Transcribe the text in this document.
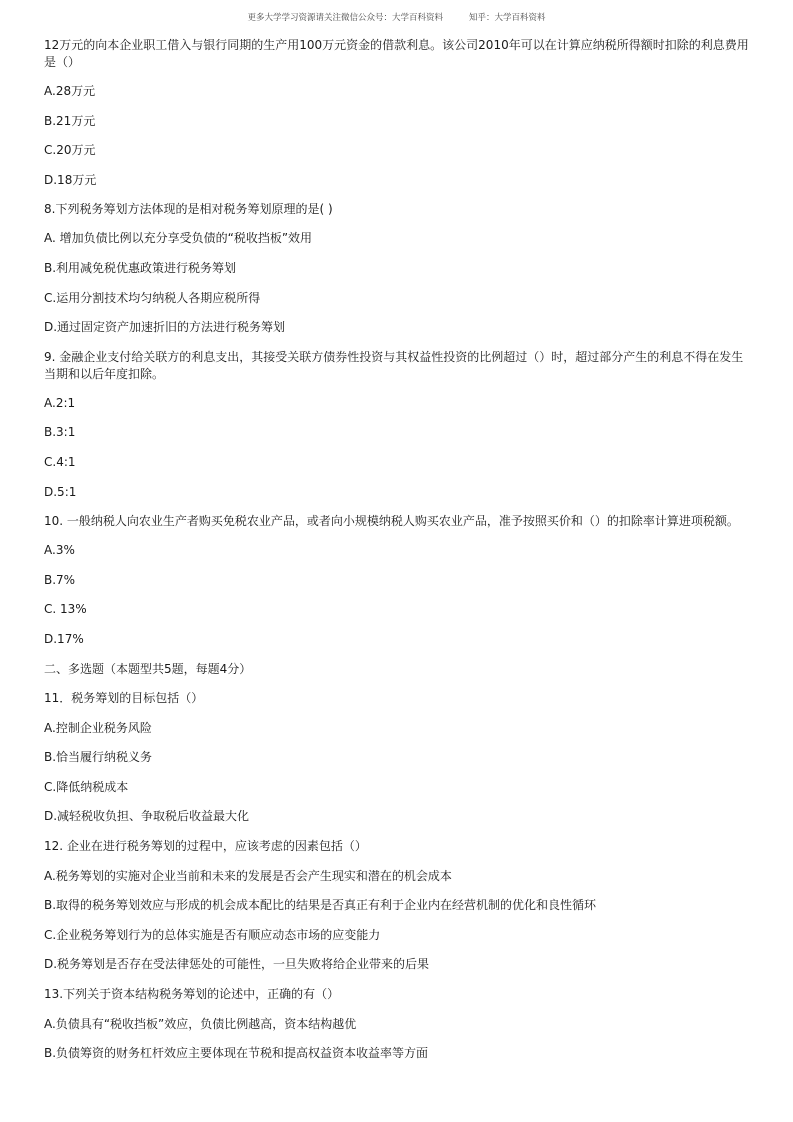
更多大学学习资源请关注微信公众号：大学百科资料	知乎：大学百科资料

12万元的向本企业职工借入与银行同期的生产用100万元资金的借款利息。该公司2010年可以在计算应纳税所得额时扣除的利息费用是（）

A.28万元

B.21万元

C.20万元

D.18万元

8.下列税务筹划方法体现的是相对税务筹划原理的是( )

A. 增加负债比例以充分享受负债的“税收挡板”效用

B.利用减免税优惠政策进行税务筹划

C.运用分割技术均匀纳税人各期应税所得

D.通过固定资产加速折旧的方法进行税务筹划

9. 金融企业支付给关联方的利息支出，其接受关联方债券性投资与其权益性投资的比例超过（）时，超过部分产生的利息不得在发生当期和以后年度扣除。

A.2:1

B.3:1

C.4:1

D.5:1

10. 一般纳税人向农业生产者购买免税农业产品，或者向小规模纳税人购买农业产品，准予按照买价和（）的扣除率计算进项税额。

A.3%

B.7%

C. 13%

D.17%

二、多选题（本题型共5题，每题4分）

11．税务筹划的目标包括（）

A.控制企业税务风险

B.恰当履行纳税义务

C.降低纳税成本

D.减轻税收负担、争取税后收益最大化

12. 企业在进行税务筹划的过程中，应该考虑的因素包括（）

A.税务筹划的实施对企业当前和未来的发展是否会产生现实和潜在的机会成本

B.取得的税务筹划效应与形成的机会成本配比的结果是否真正有利于企业内在经营机制的优化和良性循环

C.企业税务筹划行为的总体实施是否有顺应动态市场的应变能力

D.税务筹划是否存在受法律惩处的可能性，一旦失败将给企业带来的后果

13.下列关于资本结构税务筹划的论述中，正确的有（）

A.负债具有“税收挡板”效应，负债比例越高，资本结构越优

B.负债筹资的财务杠杆效应主要体现在节税和提高权益资本收益率等方面
